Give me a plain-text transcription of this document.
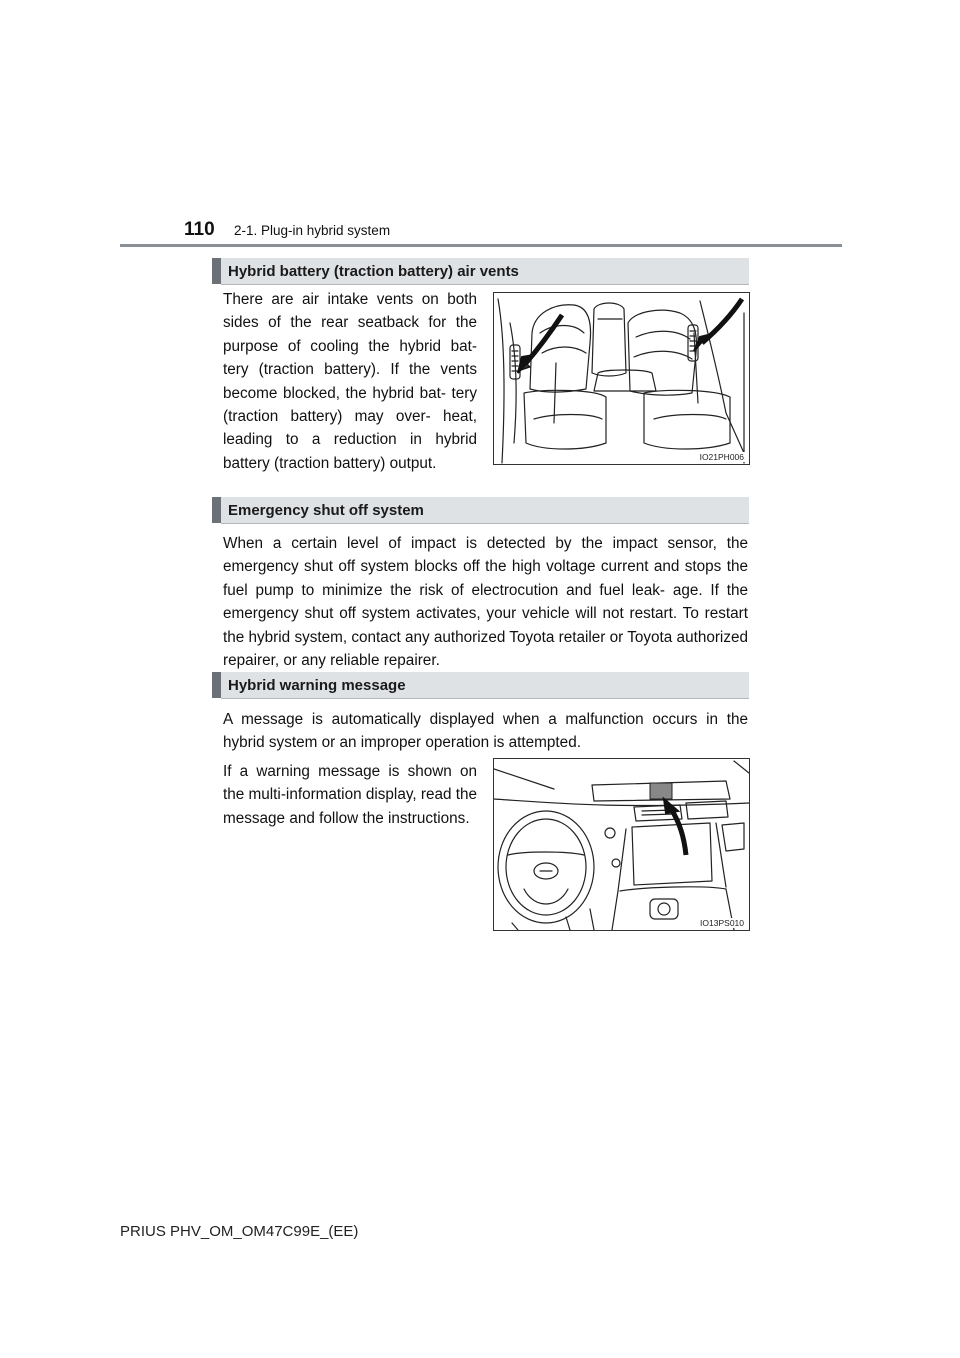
110 2-1. Plug-in hybrid system
Hybrid battery (traction battery) air vents
There are air intake vents on both sides of the rear seatback for the purpose of cooling the hybrid bat- tery (traction battery). If the vents become blocked, the hybrid bat- tery (traction battery) may over- heat, leading to a reduction in hybrid battery (traction battery) output.	IO21PH006
Emergency shut off system
When a certain level of impact is detected by the impact sensor, the emergency shut off system blocks off the high voltage current and stops the fuel pump to minimize the risk of electrocution and fuel leak- age. If the emergency shut off system activates, your vehicle will not restart. To restart the hybrid system, contact any authorized Toyota retailer or Toyota authorized repairer, or any reliable repairer.
Hybrid warning message
A message is automatically displayed when a malfunction occurs in the hybrid system or an improper operation is attempted.
If a warning message is shown on the multi-information display, read the message and follow the instructions.
IO13PS010
PRIUS PHV_OM_OM47C99E_(EE)
